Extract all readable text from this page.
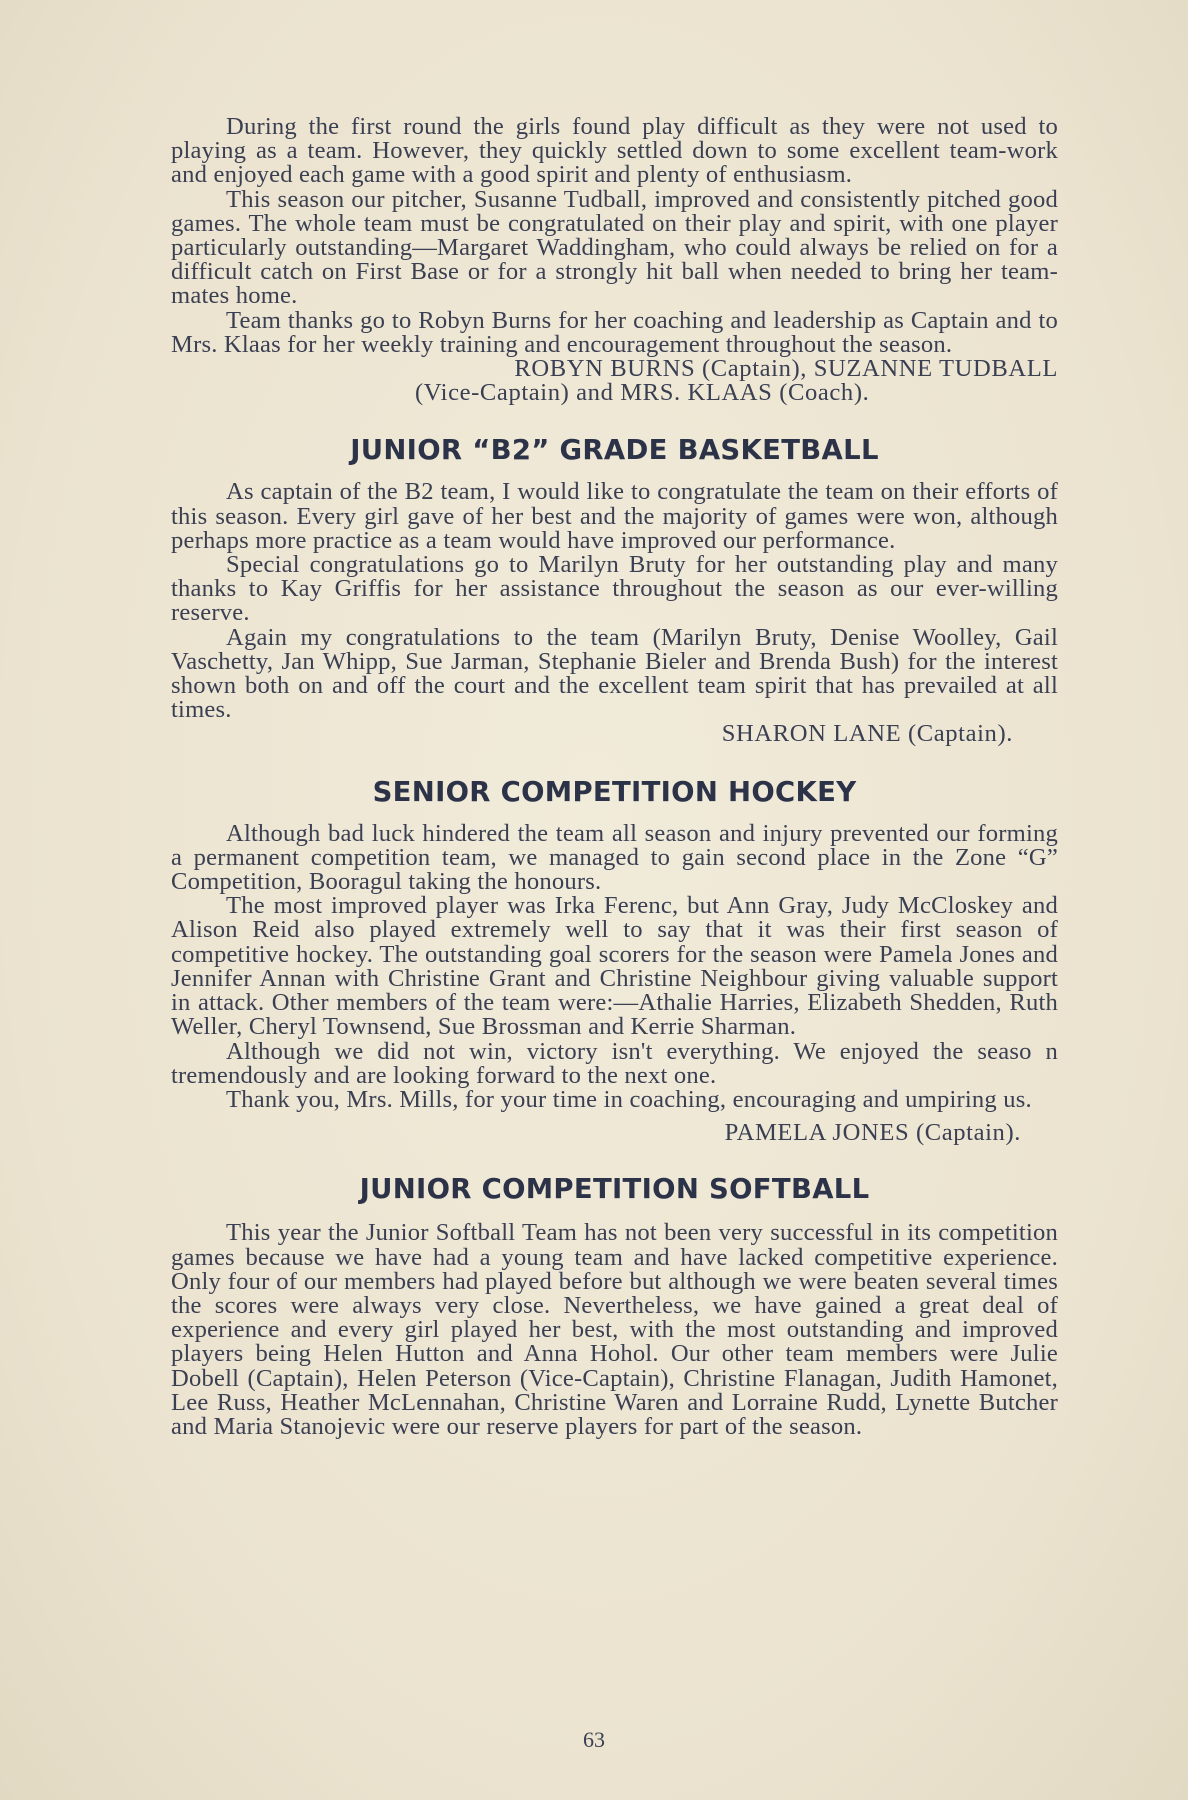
During the first round the girls found play difficult as they were not used to playing as a team. However, they quickly settled down to some excellent team-work and enjoyed each game with a good spirit and plenty of enthusiasm.

This season our pitcher, Susanne Tudball, improved and consistently pitched good games. The whole team must be congratulated on their play and spirit, with one player particularly outstanding—Margaret Waddingham, who could always be relied on for a difficult catch on First Base or for a strongly hit ball when needed to bring her team-mates home.

Team thanks go to Robyn Burns for her coaching and leadership as Captain and to Mrs. Klaas for her weekly training and encouragement throughout the season.

ROBYN BURNS (Captain), SUZANNE TUDBALL

(Vice-Captain) and MRS. KLAAS (Coach).

JUNIOR “B2” GRADE BASKETBALL

As captain of the B2 team, I would like to congratulate the team on their efforts of this season. Every girl gave of her best and the majority of games were won, although perhaps more practice as a team would have improved our performance.

Special congratulations go to Marilyn Bruty for her outstanding play and many thanks to Kay Griffis for her assistance throughout the season as our ever-willing reserve.

Again my congratulations to the team (Marilyn Bruty, Denise Woolley, Gail Vaschetty, Jan Whipp, Sue Jarman, Stephanie Bieler and Brenda Bush) for the interest shown both on and off the court and the excellent team spirit that has prevailed at all times.

SHARON LANE (Captain).

SENIOR COMPETITION HOCKEY

Although bad luck hindered the team all season and injury prevented our forming a permanent competition team, we managed to gain second place in the Zone “G” Competition, Booragul taking the honours.

The most improved player was Irka Ferenc, but Ann Gray, Judy McCloskey and Alison Reid also played extremely well to say that it was their first season of competitive hockey. The outstanding goal scorers for the season were Pamela Jones and Jennifer Annan with Christine Grant and Christine Neighbour giving valuable support in attack. Other members of the team were:—Athalie Harries, Elizabeth Shedden, Ruth Weller, Cheryl Townsend, Sue Brossman and Kerrie Sharman.

Although we did not win, victory isn't everything. We enjoyed the seaso n tremendously and are looking forward to the next one.

Thank you, Mrs. Mills, for your time in coaching, encouraging and umpiring us.

PAMELA JONES (Captain).

JUNIOR COMPETITION SOFTBALL

This year the Junior Softball Team has not been very successful in its competition games because we have had a young team and have lacked competitive experience. Only four of our members had played before but although we were beaten several times the scores were always very close. Nevertheless, we have gained a great deal of experience and every girl played her best, with the most outstanding and improved players being Helen Hutton and Anna Hohol. Our other team members were Julie Dobell (Captain), Helen Peterson (Vice-Captain), Christine Flanagan, Judith Hamonet, Lee Russ, Heather McLennahan, Christine Waren and Lorraine Rudd, Lynette Butcher and Maria Stanojevic were our reserve players for part of the season.

63
